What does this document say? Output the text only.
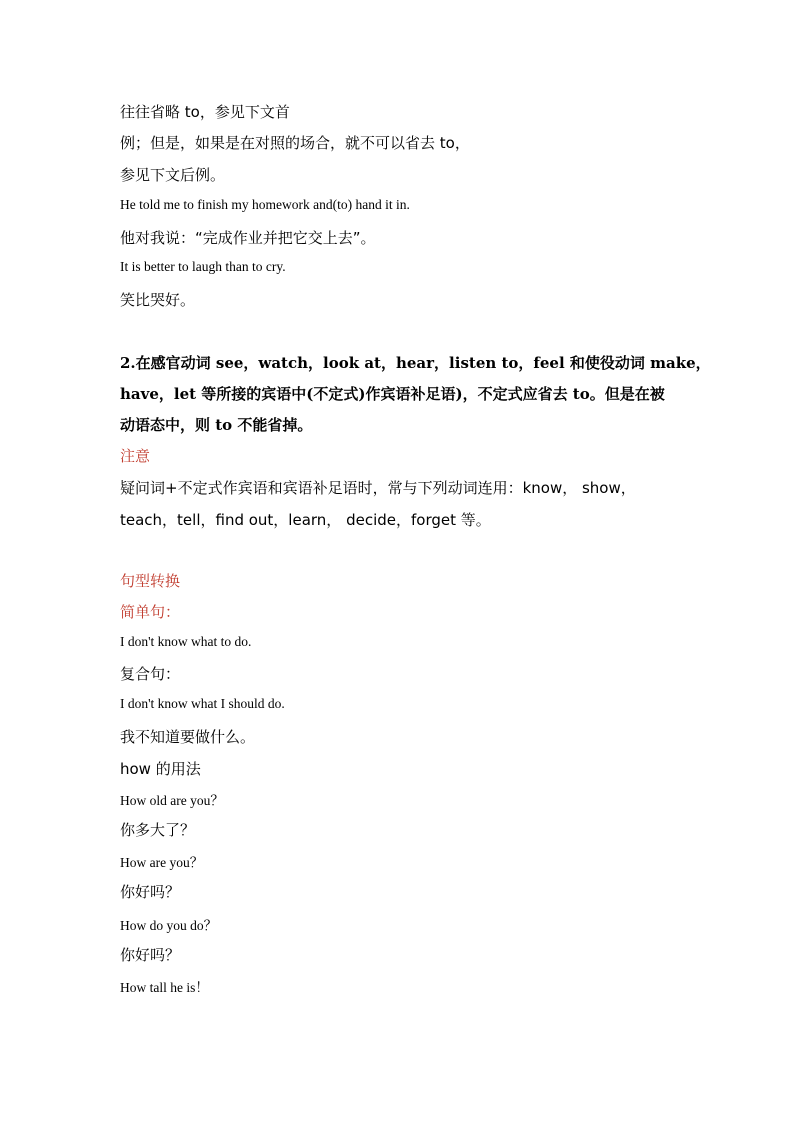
往往省略 to，参见下文首
例；但是，如果是在对照的场合，就不可以省去 to，
参见下文后例。
He told me to finish my homework and(to) hand it in.
他对我说：“完成作业并把它交上去”。
It is better to laugh than to cry.
笑比哭好。
2.在感官动词 see，watch，look at，hear，listen to，feel 和使役动词 make，
have，let 等所接的宾语中(不定式)作宾语补足语)，不定式应省去 to。但是在被
动语态中，则 to 不能省掉。
注意
疑问词+不定式作宾语和宾语补足语时，常与下列动词连用：know， show，
teach，tell，find out，learn， decide，forget 等。
句型转换
简单句：
I don't know what to do.
复合句：
I don't know what I should do.
我不知道要做什么。
how 的用法
How old are you？
你多大了？
How are you？
你好吗？
How do you do？
你好吗？
How tall he is！
